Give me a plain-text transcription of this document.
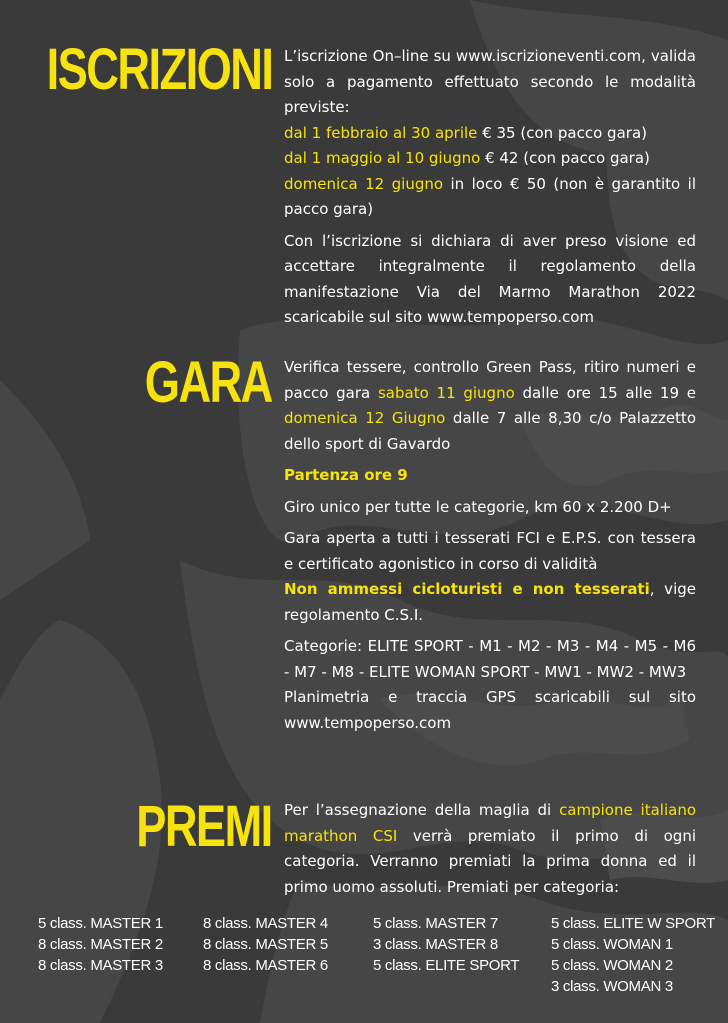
ISCRIZIONI L’iscrizione On–line su www.iscrizioneventi.com, valida solo a pagamento effettuato secondo le modalità previste:

dal 1 febbraio al 30 aprile € 35 (con pacco gara)
dal 1 maggio al 10 giugno € 42 (con pacco gara)
domenica 12 giugno in loco € 50 (non è garantito il pacco gara)

Con l’iscrizione si dichiara di aver preso visione ed accettare integralmente il regolamento della manifestazione Via del Marmo Marathon 2022 scaricabile sul sito www.tempoperso.com

GARA Verifica tessere, controllo Green Pass, ritiro numeri e pacco gara sabato 11 giugno dalle ore 15 alle 19 e domenica 12 Giugno dalle 7 alle 8,30 c/o Palazzetto dello sport di Gavardo

Partenza ore 9

Giro unico per tutte le categorie, km 60 x 2.200 D+

Gara aperta a tutti i tesserati FCI e E.P.S. con tessera e certificato agonistico in corso di validità
Non ammessi cicloturisti e non tesserati, vige regolamento C.S.I.

Categorie: ELITE SPORT - M1 - M2 - M3 - M4 - M5 - M6 - M7 - M8 - ELITE WOMAN SPORT - MW1 - MW2 - MW3

Planimetria e traccia GPS scaricabili sul sito www.tempoperso.com

PREMI Per l’assegnazione della maglia di campione italiano marathon CSI verrà premiato il primo di ogni categoria. Verranno premiati la prima donna ed il primo uomo assoluti. Premiati per categoria:

5 class. MASTER 1
8 class. MASTER 2
8 class. MASTER 3
8 class. MASTER 4
8 class. MASTER 5
8 class. MASTER 6
5 class. MASTER 7
3 class. MASTER 8
5 class. ELITE SPORT
5 class. ELITE W SPORT
5 class. WOMAN 1
5 class. WOMAN 2
3 class. WOMAN 3
